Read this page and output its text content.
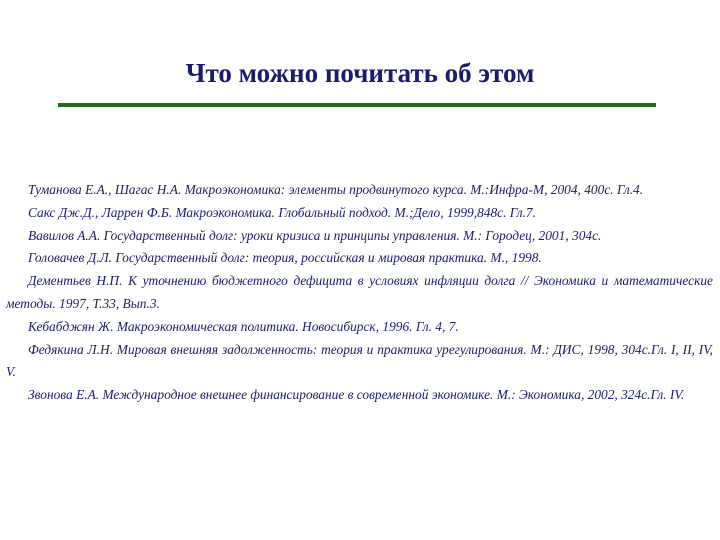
Что можно почитать об этом
Туманова Е.А., Шагас Н.А. Макроэкономика: элементы продвинутого курса. М.:Инфра-М, 2004, 400с. Гл.4.
Сакс Дж.Д., Ларрен Ф.Б. Макроэкономика. Глобальный подход. М.;Дело, 1999,848с. Гл.7.
Вавилов А.А. Государственный долг: уроки кризиса и принципы управления. М.: Городец, 2001, 304с.
Головачев Д.Л. Государственный долг: теория, российская и мировая практика. М., 1998.
Дементьев Н.П. К уточнению бюджетного дефицита в условиях инфляции долга // Экономика и математические методы. 1997, Т.33, Вып.3.
Кебабджян Ж. Макроэкономическая политика. Новосибирск, 1996. Гл. 4, 7.
Федякина Л.Н. Мировая внешняя задолженность: теория и практика урегулирования. М.: ДИС, 1998, 304с.Гл. I, II, IV, V.
Звонова Е.А. Международное внешнее финансирование в современной экономике. М.: Экономика, 2002, 324с.Гл. IV.
